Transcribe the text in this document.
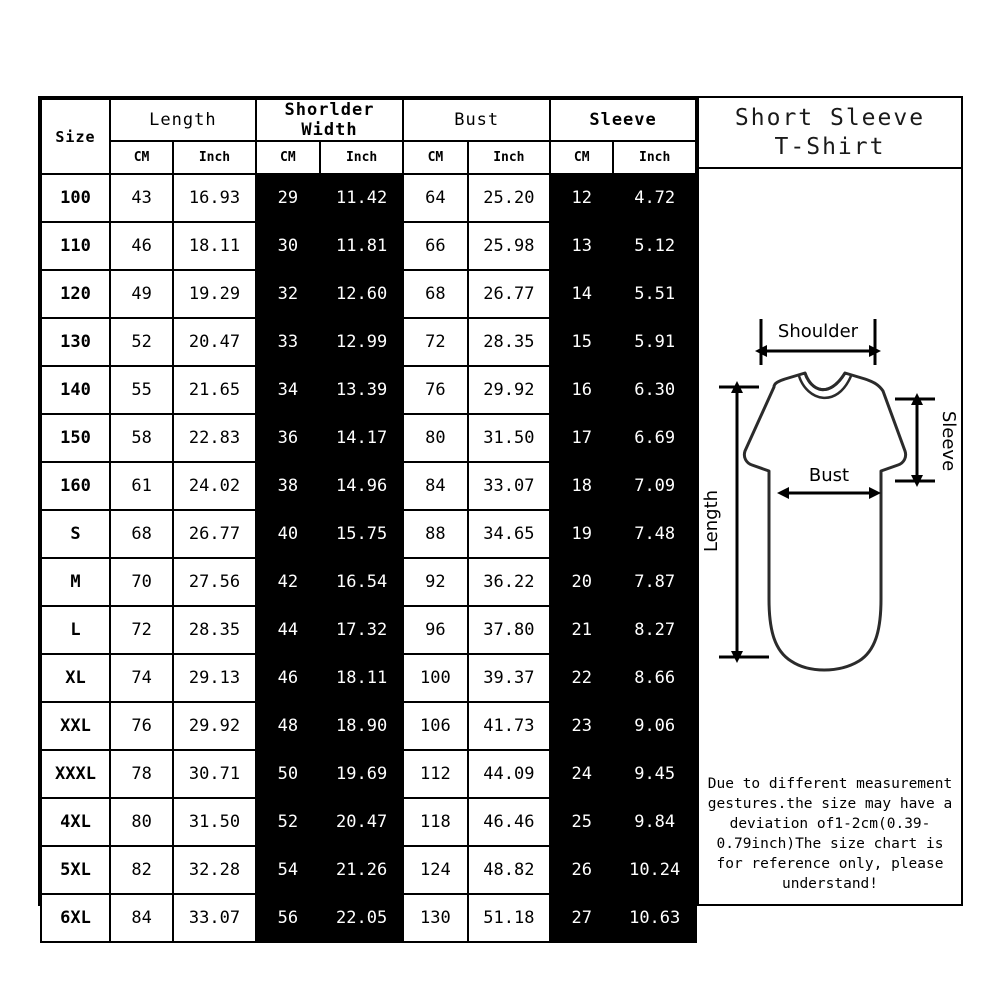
Size	Length		Shorlder Width		Bust		Sleeve	
	CM	Inch	CM	Inch	CM	Inch	CM	Inch
100	43	16.93	29	11.42	64	25.20	12	4.72
110	46	18.11	30	11.81	66	25.98	13	5.12
120	49	19.29	32	12.60	68	26.77	14	5.51
130	52	20.47	33	12.99	72	28.35	15	5.91
140	55	21.65	34	13.39	76	29.92	16	6.30
150	58	22.83	36	14.17	80	31.50	17	6.69
160	61	24.02	38	14.96	84	33.07	18	7.09
S	68	26.77	40	15.75	88	34.65	19	7.48
M	70	27.56	42	16.54	92	36.22	20	7.87
L	72	28.35	44	17.32	96	37.80	21	8.27
XL	74	29.13	46	18.11	100	39.37	22	8.66
XXL	76	29.92	48	18.90	106	41.73	23	9.06
XXXL	78	30.71	50	19.69	112	44.09	24	9.45
4XL	80	31.50	52	20.47	118	46.46	25	9.84
5XL	82	32.28	54	21.26	124	48.82	26	10.24
6XL	84	33.07	56	22.05	130	51.18	27	10.63
Short Sleeve
T-Shirt
Shoulder
Sleeve
Bust
Length
Due to different measurement gestures.the size may have a deviation of1-2cm(0.39-0.79inch)The size chart is for reference only, please understand!
